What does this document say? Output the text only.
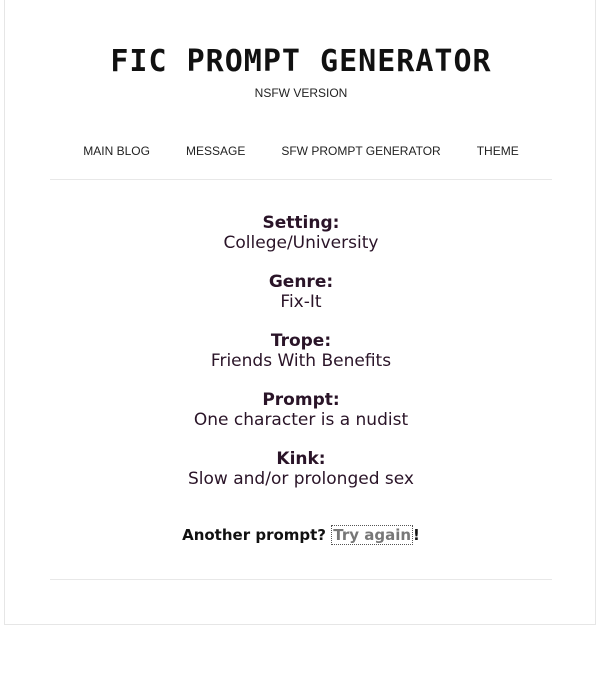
FIC PROMPT GENERATOR
NSFW VERSION
MAIN BLOG	MESSAGE	SFW PROMPT GENERATOR	THEME
Setting:
College/University
Genre:
Fix-It
Trope:
Friends With Benefits
Prompt:
One character is a nudist
Kink:
Slow and/or prolonged sex
Another prompt? Try again !
